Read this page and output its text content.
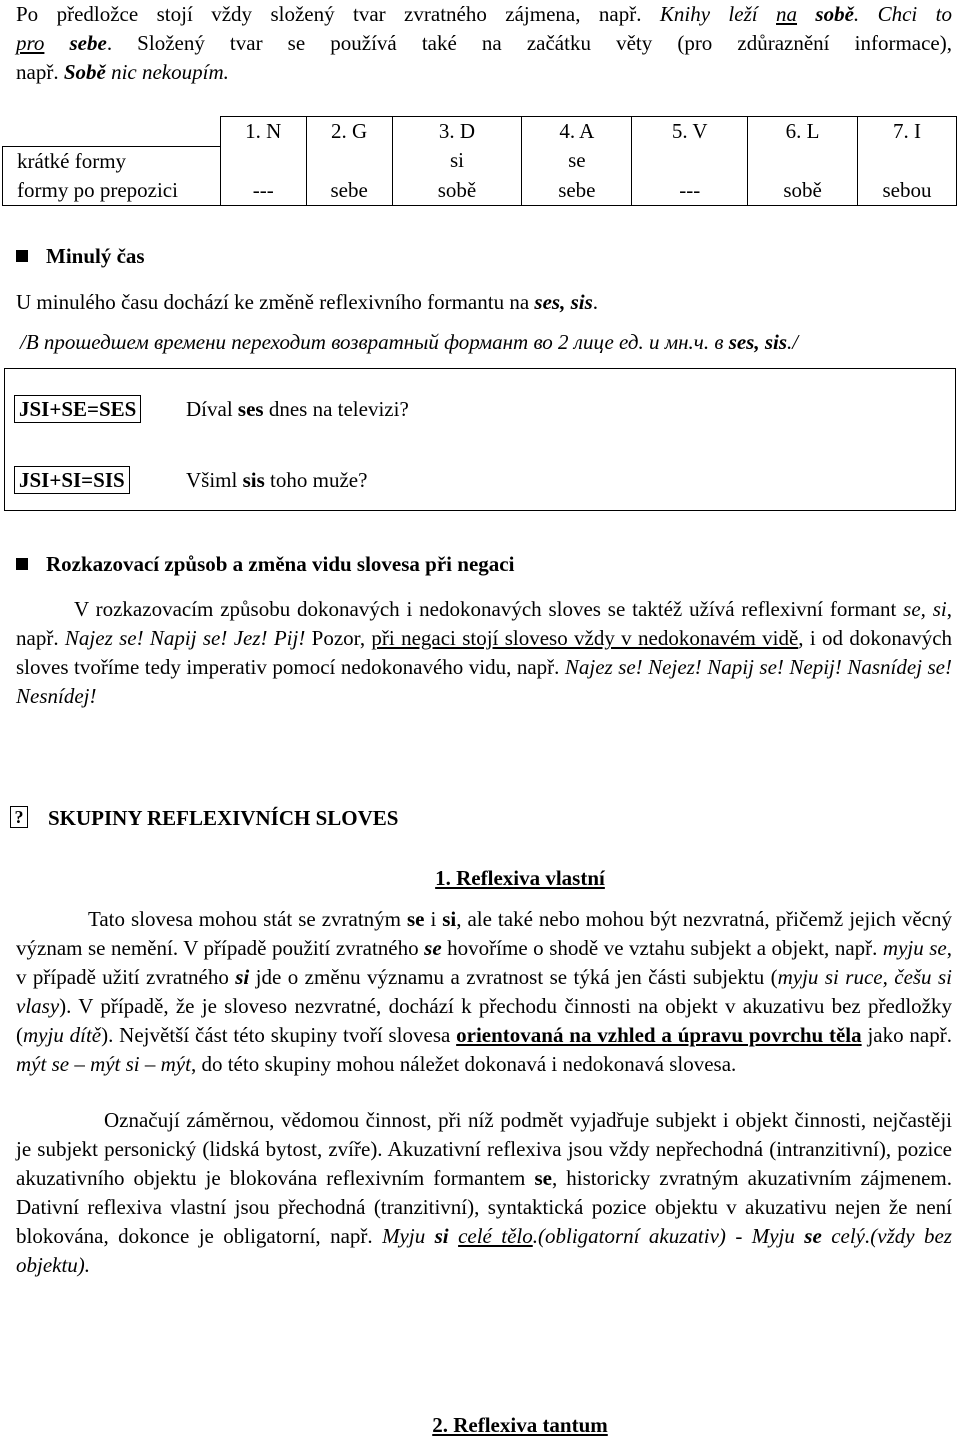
Po předložce stojí vždy složený tvar zvratného zájmena, např. Knihy leží na sobě. Chci to
pro sebe. Složený tvar se používá také na začátku věty (pro zdůraznění informace),
např. Sobě nic nekoupím.
	1. N	2. G	3. D	4. A	5. V	6. L	7. I
krátké formy			si	se			
formy po prepozici	---	sebe	sobě	sebe	---	sobě	sebou
Minulý čas
U minulého času dochází ke změně reflexivního formantu na ses, sis.
/В прошедшем времени переходит возвратный формант во 2 лице ед. и мн.ч. в ses, sis./
JSI+SE=SES Díval ses dnes na televizi?
JSI+SI=SIS	Všiml sis toho muže?
Rozkazovací způsob a změna vidu slovesa při negaci
V rozkazovacím způsobu dokonavých i nedokonavých sloves se taktéž užívá reflexivní formant se, si, např. Najez se! Napij se! Jez! Pij! Pozor, při negaci stojí sloveso vždy v nedokonavém vidě, i od dokonavých sloves tvoříme tedy imperativ pomocí nedokonavého vidu, např. Najez se! Nejez! Napij se! Nepij! Nasnídej se! Nesnídej!
? SKUPINY REFLEXIVNÍCH SLOVES
1. Reflexiva vlastní
Tato slovesa mohou stát se zvratným se i si, ale také nebo mohou být nezvratná, přičemž jejich věcný význam se nemění. V případě použití zvratného se hovoříme o shodě ve vztahu subjekt a objekt, např. myju se, v případě užití zvratného si jde o změnu významu a zvratnost se týká jen části subjektu (myju si ruce, češu si vlasy). V případě, že je sloveso nezvratné, dochází k přechodu činnosti na objekt v akuzativu bez předložky (myju dítě). Největší část této skupiny tvoří slovesa orientovaná na vzhled a úpravu povrchu těla jako např. mýt se – mýt si – mýt, do této skupiny mohou náležet dokonavá i nedokonavá slovesa.
Označují záměrnou, vědomou činnost, při níž podmět vyjadřuje subjekt i objekt činnosti, nejčastěji je subjekt personický (lidská bytost, zvíře). Akuzativní reflexiva jsou vždy nepřechodná (intranzitivní), pozice akuzativního objektu je blokována reflexivním formantem se, historicky zvratným akuzativním zájmenem. Dativní reflexiva vlastní jsou přechodná (tranzitivní), syntaktická pozice objektu v akuzativu nejen že není blokována, dokonce je obligatorní, např. Myju si celé tělo.(obligatorní akuzativ) - Myju se celý.(vždy bez objektu).
2. Reflexiva tantum
